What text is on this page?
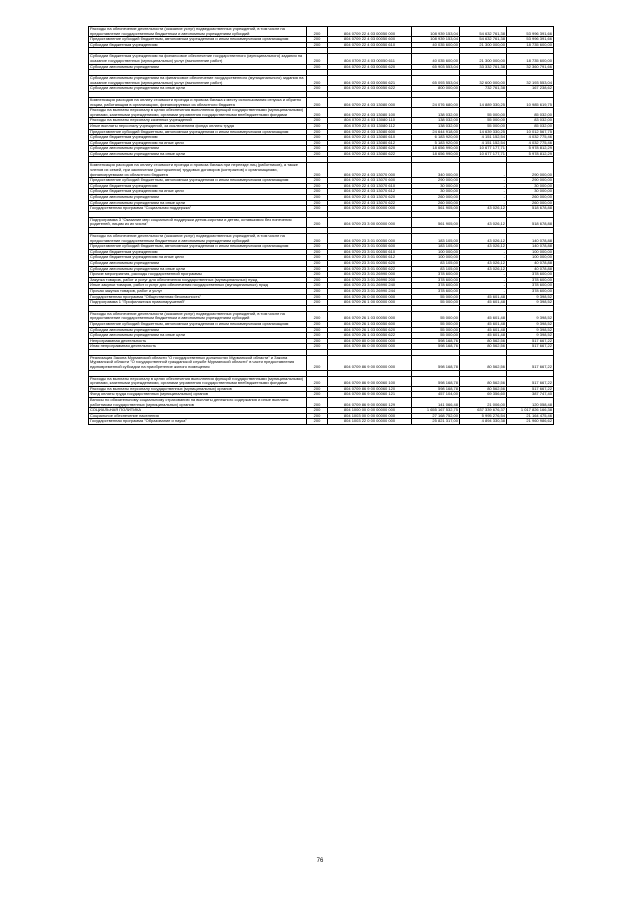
Расходы на обеспечение деятельности (оказание услуг) подведомственных учреждений, в том числе на предоставление государственным бюджетным и автономным учреждениям субсидий	200	804 0709 22 4 03 00050 000	108 939 153,04	54 632 761,38	53 996 391,66
Предоставление субсидий бюджетным, автономным учреждениям и иным некоммерческим организациям	200	804 0709 22 4 03 00050 600	108 939 153,04	54 632 761,38	53 996 391,66
Субсидии бюджетным учреждениям	200	804 0709 22 4 03 00050 610	40 035 600,00	21 300 000,00	18 735 600,00

Субсидии бюджетным учреждениям на финансовое обеспечение государственного (муниципального) задания на оказание государственных (муниципальных) услуг (выполнение работ)	200	804 0709 22 4 03 00050 611	40 035 600,00	21 300 000,00	18 735 600,00
Субсидии автономным учреждениям	200	804 0709 22 4 03 00050 620	65 903 553,04	33 332 761,38	32 360 791,66

Субсидии автономным учреждениям на финансовое обеспечение государственного (муниципального) задания на оказание государственных (муниципальных) услуг (выполнение работ)	200	804 0709 22 4 03 00050 621	65 093 553,04	32 600 000,00	32 193 553,04
Субсидии автономным учреждениям на иные цели	200	804 0709 22 4 03 00050 622	800 000,00	732 761,38	167 238,62

Компенсация расходов на оплату стоимости проезда и провоза багажа к месту использования отпуска и обратно лицам, работающим в организациях, финансируемых из областного бюджета	200	804 0709 22 4 03 13080 000	24 076 680,00	14 889 330,25	10 985 619,75
Расходы на выплаты персоналу в целях обеспечения выполнения функций государственными (муниципальными) органами, казенными учреждениями, органами управления государственными внебюджетными фондами	200	804 0709 22 4 03 13080 100	138 032,00	55 000,00	85 032,00
Расходы на выплаты персоналу казенных учреждений	200	804 0709 22 4 03 13080 110	138 032,00	55 000,00	83 032,00
Иные выплаты персоналу учреждений, за исключением фонда оплаты труда	200	804 0709 22 4 03 13080 112	138 032,00	55 000,00	85 032,00
Предоставление субсидий бюджетным, автономным учреждениям и иным некоммерческим организациям	200	804 0709 22 4 03 13080 600	24 644 918,00	14 639 330,25	10 012 567,75
Субсидии бюджетным учреждениям	200	804 0709 22 4 03 13080 610	6 183 920,00	4 151 152,54	4 032 775,46
Субсидии бюджетным учреждениям на иные цели	200	804 0709 22 4 03 13080 612	5 183 920,00	4 151 152,54	4 032 775,46
Субсидии автономным учреждениям	200	804 0709 22 4 03 13080 620	18 656 990,00	10 677 177,71	5 978 812,29
Субсидии автономным учреждениям на иные цели	200	804 0709 22 4 03 13080 622	18 656 990,00	10 677 177,71	5 978 812,29

Компенсация расходов на оплату стоимости проезда и провоза багажа при переезде лиц (работников), а также членов их семей, при заключении (расторжении) трудовых договоров (контрактов) с организациями, финансируемыми из областного бюджета	200	804 0709 22 4 03 13070 000	340 000,00	-	290 000,00
Предоставление субсидий бюджетным, автономным учреждениям и иным некоммерческим организациям	200	804 0709 22 4 03 13070 600	290 000,00	-	290 000,00
Субсидии бюджетным учреждениям	200	804 0709 22 4 03 13070 610	30 000,00	-	30 000,00
Субсидии бюджетным учреждениям на иные цели	200	804 0709 22 4 03 13070 612	30 000,00	-	30 000,00
Субсидии автономным учреждениям	200	804 0709 22 4 03 13070 620	260 000,00	-	260 000,00
Субсидии автономным учреждениям на иные цели	200	804 0709 22 4 03 13070 622	260 000,00	-	260 000,00
Государственная программа "Социальная поддержка"	200	804 0709 23 0 00 00000 000	561 905,00	43 026,12	518 678,88

Подпрограмма 3 "Оказание мер социальной поддержки детям-сиротам и детям, оставшимся без попечения родителей, лицам из их числа"	200	804 0709 23 3 00 00000 000	561 905,00	43 026,12	518 678,88

Расходы на обеспечение деятельности (оказание услуг) подведомственных учреждений, в том числе на предоставление государственным бюджетным и автономным учреждениям субсидий	200	804 0709 23 3 01 00050 000	183 105,00	43 026,12	140 078,88
Предоставление субсидий бюджетным, автономным учреждениям и иным некоммерческим организациям	200	804 0709 23 3 01 00050 600	183 105,00	43 026,12	140 078,88
Субсидии бюджетным учреждениям	200	804 0709 23 3 01 00050 610	100 000,00	-	100 000,00
Субсидии бюджетным учреждениям на иные цели	200	804 0709 23 3 01 00050 612	100 000,00	-	100 000,00
Субсидии автономным учреждениям	200	804 0709 23 3 01 00050 620	83 105,00	43 026,12	40 078,88
Субсидии автономным учреждениям на иные цели	200	804 0709 23 3 01 00050 622	83 105,00	43 026,12	40 078,88
Прочие мероприятия, расходы государственной программы	200	804 0709 23 3 01 26990 000	378 600,00	-	378 600,00
Закупка товаров, работ и услуг для обеспечения государственных (муниципальных) нужд	200	804 0709 23 3 01 26990 200	378 600,00	-	378 600,00
Иные закупки товаров, работ и услуг для обеспечения государственных (муниципальных) нужд	200	804 0709 23 3 01 26990 240	378 600,00	-	378 600,00
Прочая закупка товаров, работ и услуг	200	804 0709 23 3 01 26990 244	378 600,00	-	378 600,00
Государственная программа "Общественная безопасность"	200	804 0709 26 0 00 00000 000	55 000,00	45 601,48	9 398,52
Подпрограмма 1 "Профилактика правонарушений"	200	804 0709 26 1 00 00000 000	55 000,00	45 601,48	9 398,52

Расходы на обеспечение деятельности (оказание услуг) подведомственных учреждений, в том числе на предоставление государственным бюджетным и автономным учреждениям субсидий	200	804 0709 26 1 03 00050 000	55 000,00	45 601,48	9 398,52
Предоставление субсидий бюджетным, автономным учреждениям и иным некоммерческим организациям	200	804 0709 26 1 03 00050 600	55 000,00	45 601,48	9 398,52
Субсидии автономным учреждениям	200	804 0709 26 1 03 00050 620	55 000,00	45 601,48	9 398,52
Субсидии автономным учреждениям на иные цели	200	804 0709 26 1 03 00050 622	55 000,00	45 601,48	9 398,52
Непрограммная деятельность	200	804 0709 80 0 00 00000 000	598 168,76	80 562,56	517 667,22
Иная непрограммная деятельность	200	804 0709 86 0 00 00000 000	598 168,76	80 562,56	517 667,22

Реализация Закона Мурманской области "О государственных должностях Мурманской области" и Закона Мурманской области "О государственной гражданской службе Мурманской области" в части предоставления единовременной субсидии на приобретение жилого помещения	200	804 0709 86 9 00 00000 000	598 168,78	80 562,56	517 667,22

Расходы на выплаты персоналу в целях обеспечения выполнения функций государственными (муниципальными) органами, казенными учреждениями, органами управления государственными внебюджетными фондами	200	804 0709 86 9 00 00060 100	598 168,78	80 562,56	517 667,22
Расходы на выплаты персоналу государственных (муниципальных) органов	200	804 0709 86 9 00 00060 120	598 168,78	80 562,56	517 667,22
Фонд оплаты труда государственных (муниципальных) органов	200	804 0709 86 9 00 00060 121	457 104,00	69 356,60	387 747,40
Взносы по обязательному социальному страхованию на выплаты денежного содержания и иные выплаты работникам государственных (муниципальных) органов	200	804 0709 86 9 00 00060 129	141 066,48	21 006,00	120 058,48
СОЦИАЛЬНАЯ ПОЛИТИКА	200	804 1000 00 0 00 00000 000	1 655 167 532,75	637 339 676,37	1 017 826 166,38
Социальное обеспечение населения	200	804 1003 00 0 00 00000 000	27 168 752,00	5 995 276,54	21 164 475,46
Государственная программа "Образование и наука"	200	804 1003 22 0 00 00000 000	25 821 317,00	4 894 330,38	21 960 986,62
76
